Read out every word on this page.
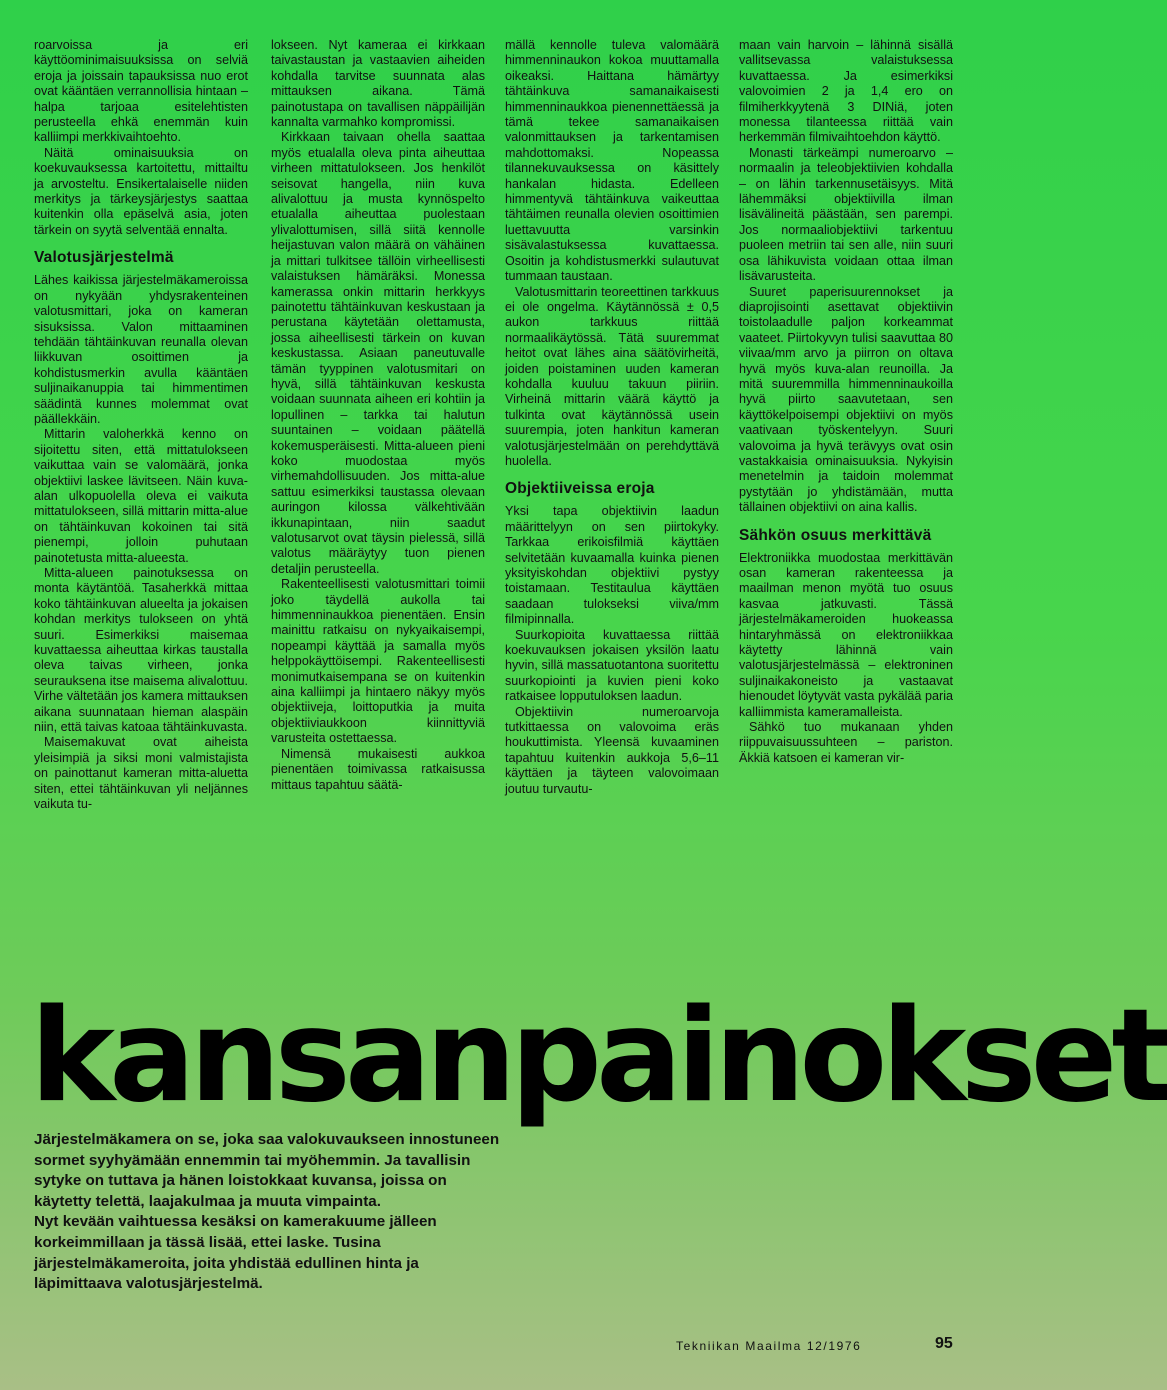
roarvoissa ja eri käyttöominimaisuuksissa on selviä eroja ja joissain tapauksissa nuo erot ovat kääntäen verrannollisia hintaan – halpa tarjoaa esitelehtisten perusteella ehkä enemmän kuin kalliimpi merkkivaihtoehto.

Näitä ominaisuuksia on koekuvauksessa kartoitettu, mittailtu ja arvosteltu. Ensikertalaiselle niiden merkitys ja tärkeysjärjestys saattaa kuitenkin olla epäselvä asia, joten tärkein on syytä selventää ennalta.

Valotusjärjestelmä

Lähes kaikissa järjestelmäkameroissa on nykyään yhdysrakenteinen valotusmittari, joka on kameran sisuksissa. Valon mittaaminen tehdään tähtäinkuvan reunalla olevan liikkuvan osoittimen ja kohdistusmerkin avulla kääntäen suljinaikanuppia tai himmentimen säädintä kunnes molemmat ovat päällekkäin.

Mittarin valoherkkä kenno on sijoitettu siten, että mittatulokseen vaikuttaa vain se valomäärä, jonka objektiivi laskee lävitseen. Näin kuva-alan ulkopuolella oleva ei vaikuta mittatulokseen, sillä mittarin mitta-alue on tähtäinkuvan kokoinen tai sitä pienempi, jolloin puhutaan painotetusta mitta-alueesta.

Mitta-alueen painotuksessa on monta käytäntöä. Tasaherkkä mittaa koko tähtäinkuvan alueelta ja jokaisen kohdan merkitys tulokseen on yhtä suuri. Esimerkiksi maisemaa kuvattaessa aiheuttaa kirkas taustalla oleva taivas virheen, jonka seurauksena itse maisema alivalottuu. Virhe vältetään jos kamera mittauksen aikana suunnataan hieman alaspäin niin, että taivas katoaa tähtäinkuvasta.

Maisemakuvat ovat aiheista yleisimpiä ja siksi moni valmistajista on painottanut kameran mitta-aluetta siten, ettei tähtäinkuvan yli neljännes vaikuta tu-

lokseen. Nyt kameraa ei kirkkaan taivastaustan ja vastaavien aiheiden kohdalla tarvitse suunnata alas mittauksen aikana. Tämä painotustapa on tavallisen näppäilijän kannalta varmahko kompromissi.

Kirkkaan taivaan ohella saattaa myös etualalla oleva pinta aiheuttaa virheen mittatulokseen. Jos henkilöt seisovat hangella, niin kuva alivalottuu ja musta kynnöspelto etualalla aiheuttaa puolestaan ylivalottumisen, sillä siitä kennolle heijastuvan valon määrä on vähäinen ja mittari tulkitsee tällöin virheellisesti valaistuksen hämäräksi. Monessa kamerassa onkin mittarin herkkyys painotettu tähtäinkuvan keskustaan ja perustana käytetään olettamusta, jossa aiheellisesti tärkein on kuvan keskustassa. Asiaan paneutuvalle tämän tyyppinen valotusmitari on hyvä, sillä tähtäinkuvan keskusta voidaan suunnata aiheen eri kohtiin ja lopullinen – tarkka tai halutun suuntainen – voidaan päätellä kokemusperäisesti. Mitta-alueen pieni koko muodostaa myös virhemahdollisuuden. Jos mitta-alue sattuu esimerkiksi taustassa olevaan auringon kilossa välkehtivään ikkunapintaan, niin saadut valotusarvot ovat täysin pielessä, sillä valotus määräytyy tuon pienen detaljin perusteella.

Rakenteellisesti valotusmittari toimii joko täydellä aukolla tai himmenninaukkoa pienentäen. Ensin mainittu ratkaisu on nykyaikaisempi, nopeampi käyttää ja samalla myös helppokäyttöisempi. Rakenteellisesti monimutkaisempana se on kuitenkin aina kalliimpi ja hintaero näkyy myös objektiiveja, loittoputkia ja muita objektiiviaukkoon kiinnittyviä varusteita ostettaessa.

Nimensä mukaisesti aukkoa pienentäen toimivassa ratkaisussa mittaus tapahtuu säätä-

mällä kennolle tuleva valomäärä himmenninaukon kokoa muuttamalla oikeaksi. Haittana hämärtyy tähtäinkuva samanaikaisesti himmenninaukkoa pienennettäessä ja tämä tekee samanaikaisen valonmittauksen ja tarkentamisen mahdottomaksi. Nopeassa tilannekuvauksessa on käsittely hankalan hidasta. Edelleen himmentyvä tähtäinkuva vaikeuttaa tähtäimen reunalla olevien osoittimien luettavuutta varsinkin sisävalastuksessa kuvattaessa. Osoitin ja kohdistusmerkki sulautuvat tummaan taustaan.

Valotusmittarin teoreettinen tarkkuus ei ole ongelma. Käytännössä ± 0,5 aukon tarkkuus riittää normaalikäytössä. Tätä suuremmat heitot ovat lähes aina säätövirheitä, joiden poistaminen uuden kameran kohdalla kuuluu takuun piiriin. Virheinä mittarin väärä käyttö ja tulkinta ovat käytännössä usein suurempia, joten hankitun kameran valotusjärjestelmään on perehdyttävä huolella.

Objektiiveissa eroja

Yksi tapa objektiivin laadun määrittelyyn on sen piirtokyky. Tarkkaa erikoisfilmiä käyttäen selvitetään kuvaamalla kuinka pienen yksityiskohdan objektiivi pystyy toistamaan. Testitaulua käyttäen saadaan tulokseksi viiva/mm filmipinnalla.

Suurkopioita kuvattaessa riittää koekuvauksen jokaisen yksilön laatu hyvin, sillä massatuotantona suoritettu suurkopiointi ja kuvien pieni koko ratkaisee lopputuloksen laadun.

Objektiivin numeroarvoja tutkittaessa on valovoima eräs houkuttimista. Yleensä kuvaaminen tapahtuu kuitenkin aukkoja 5,6–11 käyttäen ja täyteen valovoimaan joutuu turvautu-

maan vain harvoin – lähinnä sisällä vallitsevassa valaistuksessa kuvattaessa. Ja esimerkiksi valovoimien 2 ja 1,4 ero on filmiherkkyytenä 3 DINiä, joten monessa tilanteessa riittää vain herkemmän filmivaihtoehdon käyttö.

Monasti tärkeämpi numeroarvo – normaalin ja teleobjektiivien kohdalla – on lähin tarkennusetäisyys. Mitä lähemmäksi objektiivilla ilman lisävälineitä päästään, sen parempi. Jos normaaliobjektiivi tarkentuu puoleen metriin tai sen alle, niin suuri osa lähikuvista voidaan ottaa ilman lisävarusteita.

Suuret paperisuurennokset ja diaprojisointi asettavat objektiivin toistolaadulle paljon korkeammat vaateet. Piirtokyvyn tulisi saavuttaa 80 viivaa/mm arvo ja piirron on oltava hyvä myös kuva-alan reunoilla. Ja mitä suuremmilla himmenninaukoilla hyvä piirto saavutetaan, sen käyttökelpoisempi objektiivi on myös vaativaan työskentelyyn. Suuri valovoima ja hyvä terävyys ovat osin vastakkaisia ominaisuuksia. Nykyisin menetelmin ja taidoin molemmat pystytään jo yhdistämään, mutta tällainen objektiivi on aina kallis.

Sähkön osuus merkittävä

Elektroniikka muodostaa merkittävän osan kameran rakenteessa ja maailman menon myötä tuo osuus kasvaa jatkuvasti. Tässä järjestelmäkameroiden huokeassa hintaryhmässä on elektroniikkaa käytetty lähinnä vain valotusjärjestelmässä – elektroninen suljinaikakoneisto ja vastaavat hienoudet löytyvät vasta pykälää paria kalliimmista kameramalleista.

Sähkö tuo mukanaan yhden riippuvaisuussuhteen – pariston. Äkkiä katsoen ei kameran vir-

kansanpainokset

Järjestelmäkamera on se, joka saa valokuvaukseen innostuneen sormet syyhyämään ennemmin tai myöhemmin. Ja tavallisin sytyke on tuttava ja hänen loistokkaat kuvansa, joissa on käytetty telettä, laajakulmaa ja muuta vimpainta.

Nyt kevään vaihtuessa kesäksi on kamerakuume jälleen korkeimmillaan ja tässä lisää, ettei laske. Tusina järjestelmäkameroita, joita yhdistää edullinen hinta ja läpimittaava valotusjärjestelmä.

Tekniikan Maailma 12/1976	95
